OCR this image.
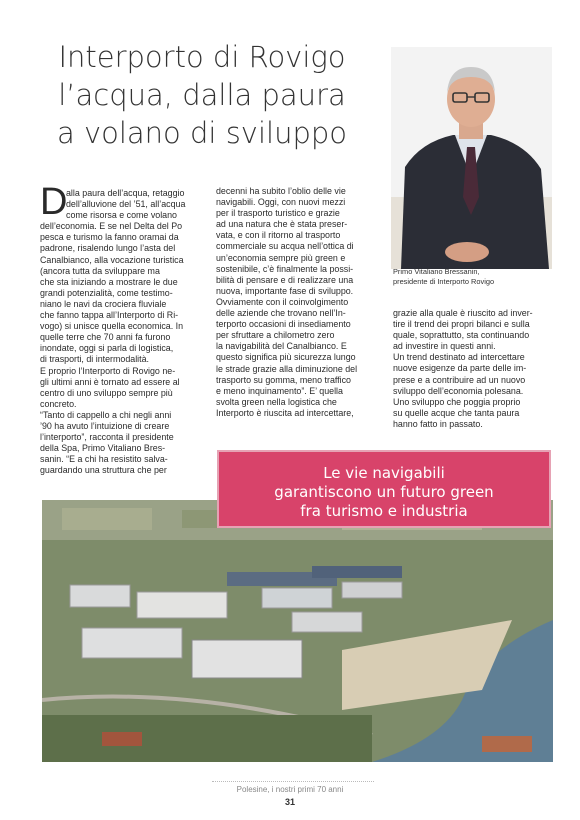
Interporto di Rovigo
l’acqua, dalla paura
a volano di sviluppo
Primo Vitaliano Bressanin,
presidente di Interporto Rovigo
D
alla paura dell’acqua, retaggio
dell’alluvione del ’51, all’acqua
come risorsa e come volano
dell’economia. E se nel Delta del Po
pesca e turismo la fanno oramai da
padrone, risalendo lungo l’asta del
Canalbianco, alla vocazione turistica
(ancora tutta da sviluppare ma
che sta iniziando a mostrare le due
grandi potenzialità, come testimo-
niano le navi da crociera fluviale
che fanno tappa all’Interporto di Ri-
vogo) si unisce quella economica. In
quelle terre che 70 anni fa furono
inondate, oggi si parla di logistica,
di trasporti, di intermodalità.
E proprio l’Interporto di Rovigo ne-
gli ultimi anni è tornato ad essere al
centro di uno sviluppo sempre più
concreto.
“Tanto di cappello a chi negli anni
’90 ha avuto l’intuizione di creare
l’interporto”, racconta il presidente
della Spa, Primo Vitaliano Bres-
sanin. “E a chi ha resistito salva-
guardando una struttura che per
decenni ha subito l’oblio delle vie
navigabili. Oggi, con nuovi mezzi
per il trasporto turistico e grazie
ad una natura che è stata preser-
vata, e con il ritorno al trasporto
commerciale su acqua nell’ottica di
un’economia sempre più green e
sostenibile, c’è finalmente la possi-
bilità di pensare e di realizzare una
nuova, importante fase di sviluppo.
Ovviamente con il coinvolgimento
delle aziende che trovano nell’In-
terporto occasioni di insediamento
per sfruttare a chilometro zero
la navigabilità del Canalbianco. E
questo significa più sicurezza lungo
le strade grazie alla diminuzione del
trasporto su gomma, meno traffico
e meno inquinamento”. E’ quella
svolta green nella logistica che
Interporto è riuscita ad intercettare,
grazie alla quale è riuscito ad inver-
tire il trend dei propri bilanci e sulla
quale, soprattutto, sta continuando
ad investire in questi anni.
Un trend destinato ad intercettare
nuove esigenze da parte delle im-
prese e a contribuire ad un nuovo
sviluppo dell’economia polesana.
Uno sviluppo che poggia proprio
su quelle acque che tanta paura
hanno fatto in passato.
Le vie navigabili
garantiscono un futuro green
fra turismo e industria
Polesine, i nostri primi 70 anni
31
